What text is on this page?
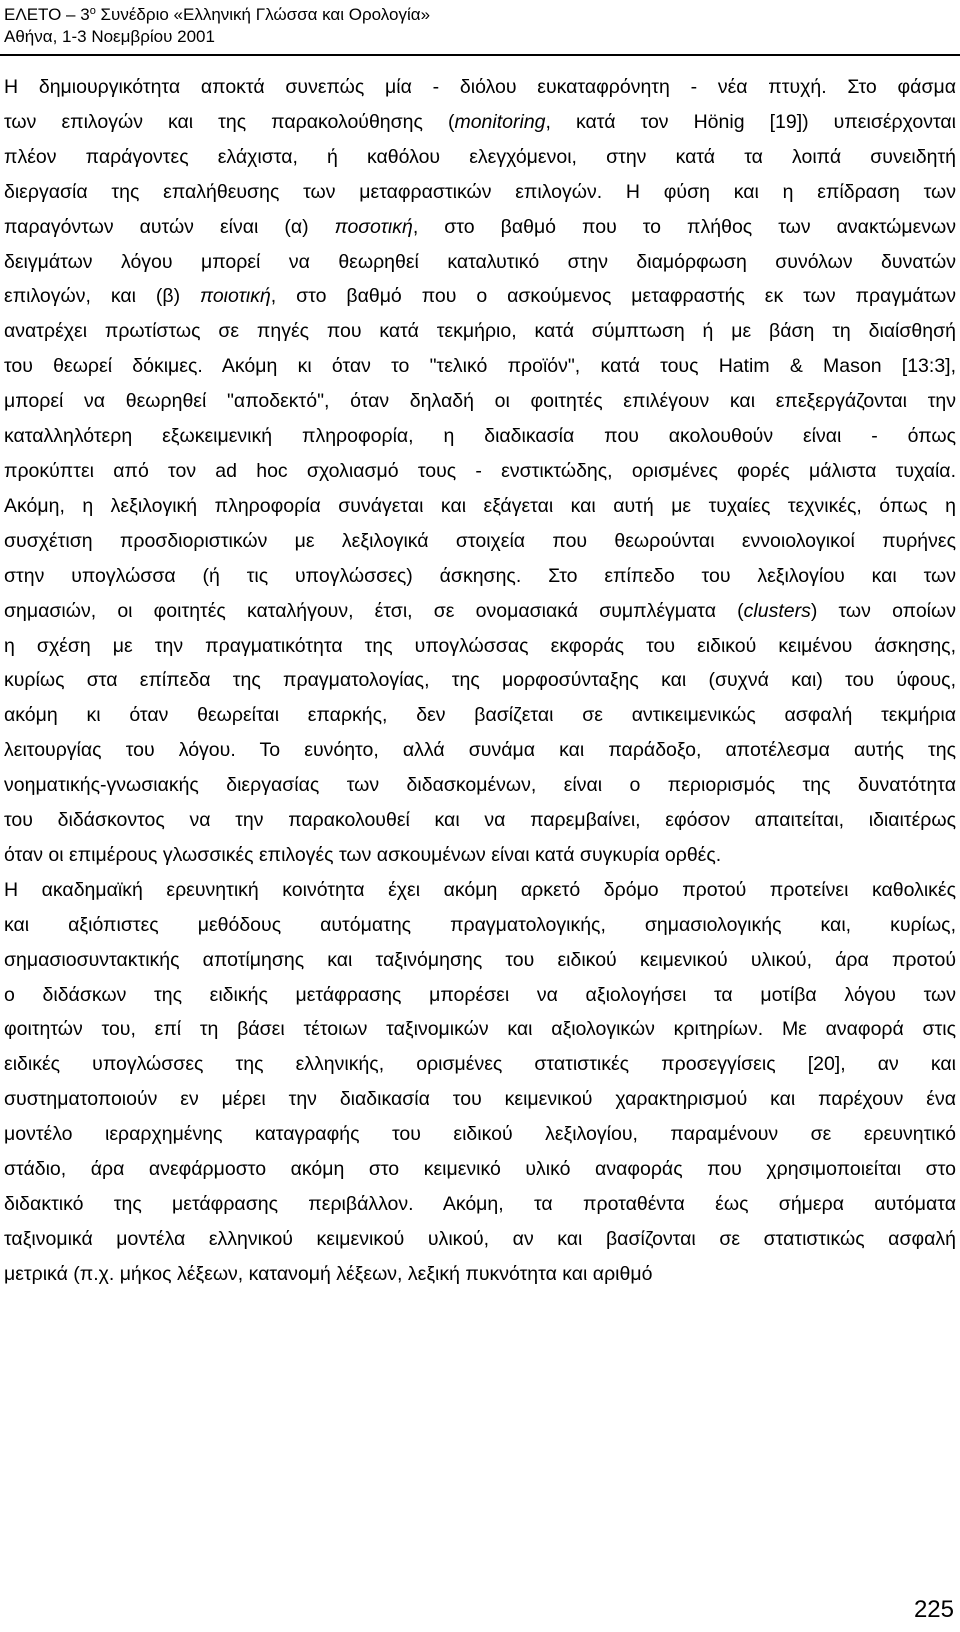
ΕΛΕΤΟ – $3^o$ Συνέδριο «Ελληνική Γλώσσα και Ορολογία»
Αθήνα, 1-3 Νοεμβρίου 2001
Η δημιουργικότητα αποκτά συνεπώς μία - διόλου ευκαταφρόνητη - νέα πτυχή. Στο φάσμα
των επιλογών και της παρακολούθησης (monitoring, κατά τον Hönig [19]) υπεισέρχονται
πλέον παράγοντες ελάχιστα, ή καθόλου ελεγχόμενοι, στην κατά τα λοιπά συνειδητή
διεργασία της επαλήθευσης των μεταφραστικών επιλογών. Η φύση και η επίδραση των
παραγόντων αυτών είναι (α) ποσοτική, στο βαθμό που το πλήθος των ανακτώμενων
δειγμάτων λόγου μπορεί να θεωρηθεί καταλυτικό στην διαμόρφωση συνόλων δυνατών
επιλογών, και (β) ποιοτική, στο βαθμό που ο ασκούμενος μεταφραστής εκ των πραγμάτων
ανατρέχει πρωτίστως σε πηγές που κατά τεκμήριο, κατά σύμπτωση ή με βάση τη διαίσθησή
του θεωρεί δόκιμες. Ακόμη κι όταν το "τελικό προϊόν", κατά τους Hatim & Mason [13:3],
μπορεί να θεωρηθεί "αποδεκτό", όταν δηλαδή οι φοιτητές επιλέγουν και επεξεργάζονται την
καταλληλότερη εξωκειμενική πληροφορία, η διαδικασία που ακολουθούν είναι - όπως
προκύπτει από τον ad hoc σχολιασμό τους - ενστικτώδης, ορισμένες φορές μάλιστα τυχαία.
Ακόμη, η λεξιλογική πληροφορία συνάγεται και εξάγεται και αυτή με τυχαίες τεχνικές, όπως η
συσχέτιση προσδιοριστικών με λεξιλογικά στοιχεία που θεωρούνται εννοιολογικοί πυρήνες
στην υπογλώσσα (ή τις υπογλώσσες) άσκησης. Στο επίπεδο του λεξιλογίου και των
σημασιών, οι φοιτητές καταλήγουν, έτσι, σε ονομασιακά συμπλέγματα (clusters) των οποίων
η σχέση με την πραγματικότητα της υπογλώσσας εκφοράς του ειδικού κειμένου άσκησης,
κυρίως στα επίπεδα της πραγματολογίας, της μορφοσύνταξης και (συχνά και) του ύφους,
ακόμη κι όταν θεωρείται επαρκής, δεν βασίζεται σε αντικειμενικώς ασφαλή τεκμήρια
λειτουργίας του λόγου. Το ευνόητο, αλλά συνάμα και παράδοξο, αποτέλεσμα αυτής της
νοηματικής-γνωσιακής διεργασίας των διδασκομένων, είναι ο περιορισμός της δυνατότητα
του διδάσκοντος να την παρακολουθεί και να παρεμβαίνει, εφόσον απαιτείται, ιδιαιτέρως
όταν οι επιμέρους γλωσσικές επιλογές των ασκουμένων είναι κατά συγκυρία ορθές.
Η ακαδημαϊκή ερευνητική κοινότητα έχει ακόμη αρκετό δρόμο προτού προτείνει καθολικές
και αξιόπιστες μεθόδους αυτόματης πραγματολογικής, σημασιολογικής και, κυρίως,
σημασιοσυντακτικής αποτίμησης και ταξινόμησης του ειδικού κειμενικού υλικού, άρα προτού
ο διδάσκων της ειδικής μετάφρασης μπορέσει να αξιολογήσει τα μοτίβα λόγου των
φοιτητών του, επί τη βάσει τέτοιων ταξινομικών και αξιολογικών κριτηρίων. Με αναφορά στις
ειδικές υπογλώσσες της ελληνικής, ορισμένες στατιστικές προσεγγίσεις [20], αν και
συστηματοποιούν εν μέρει την διαδικασία του κειμενικού χαρακτηρισμού και παρέχουν ένα
μοντέλο ιεραρχημένης καταγραφής του ειδικού λεξιλογίου, παραμένουν σε ερευνητικό
στάδιο, άρα ανεφάρμοστο ακόμη στο κειμενικό υλικό αναφοράς που χρησιμοποιείται στο
διδακτικό της μετάφρασης περιβάλλον. Ακόμη, τα προταθέντα έως σήμερα αυτόματα
ταξινομικά μοντέλα ελληνικού κειμενικού υλικού, αν και βασίζονται σε στατιστικώς ασφαλή
μετρικά (π.χ. μήκος λέξεων, κατανομή λέξεων, λεξική πυκνότητα και αριθμό
225
